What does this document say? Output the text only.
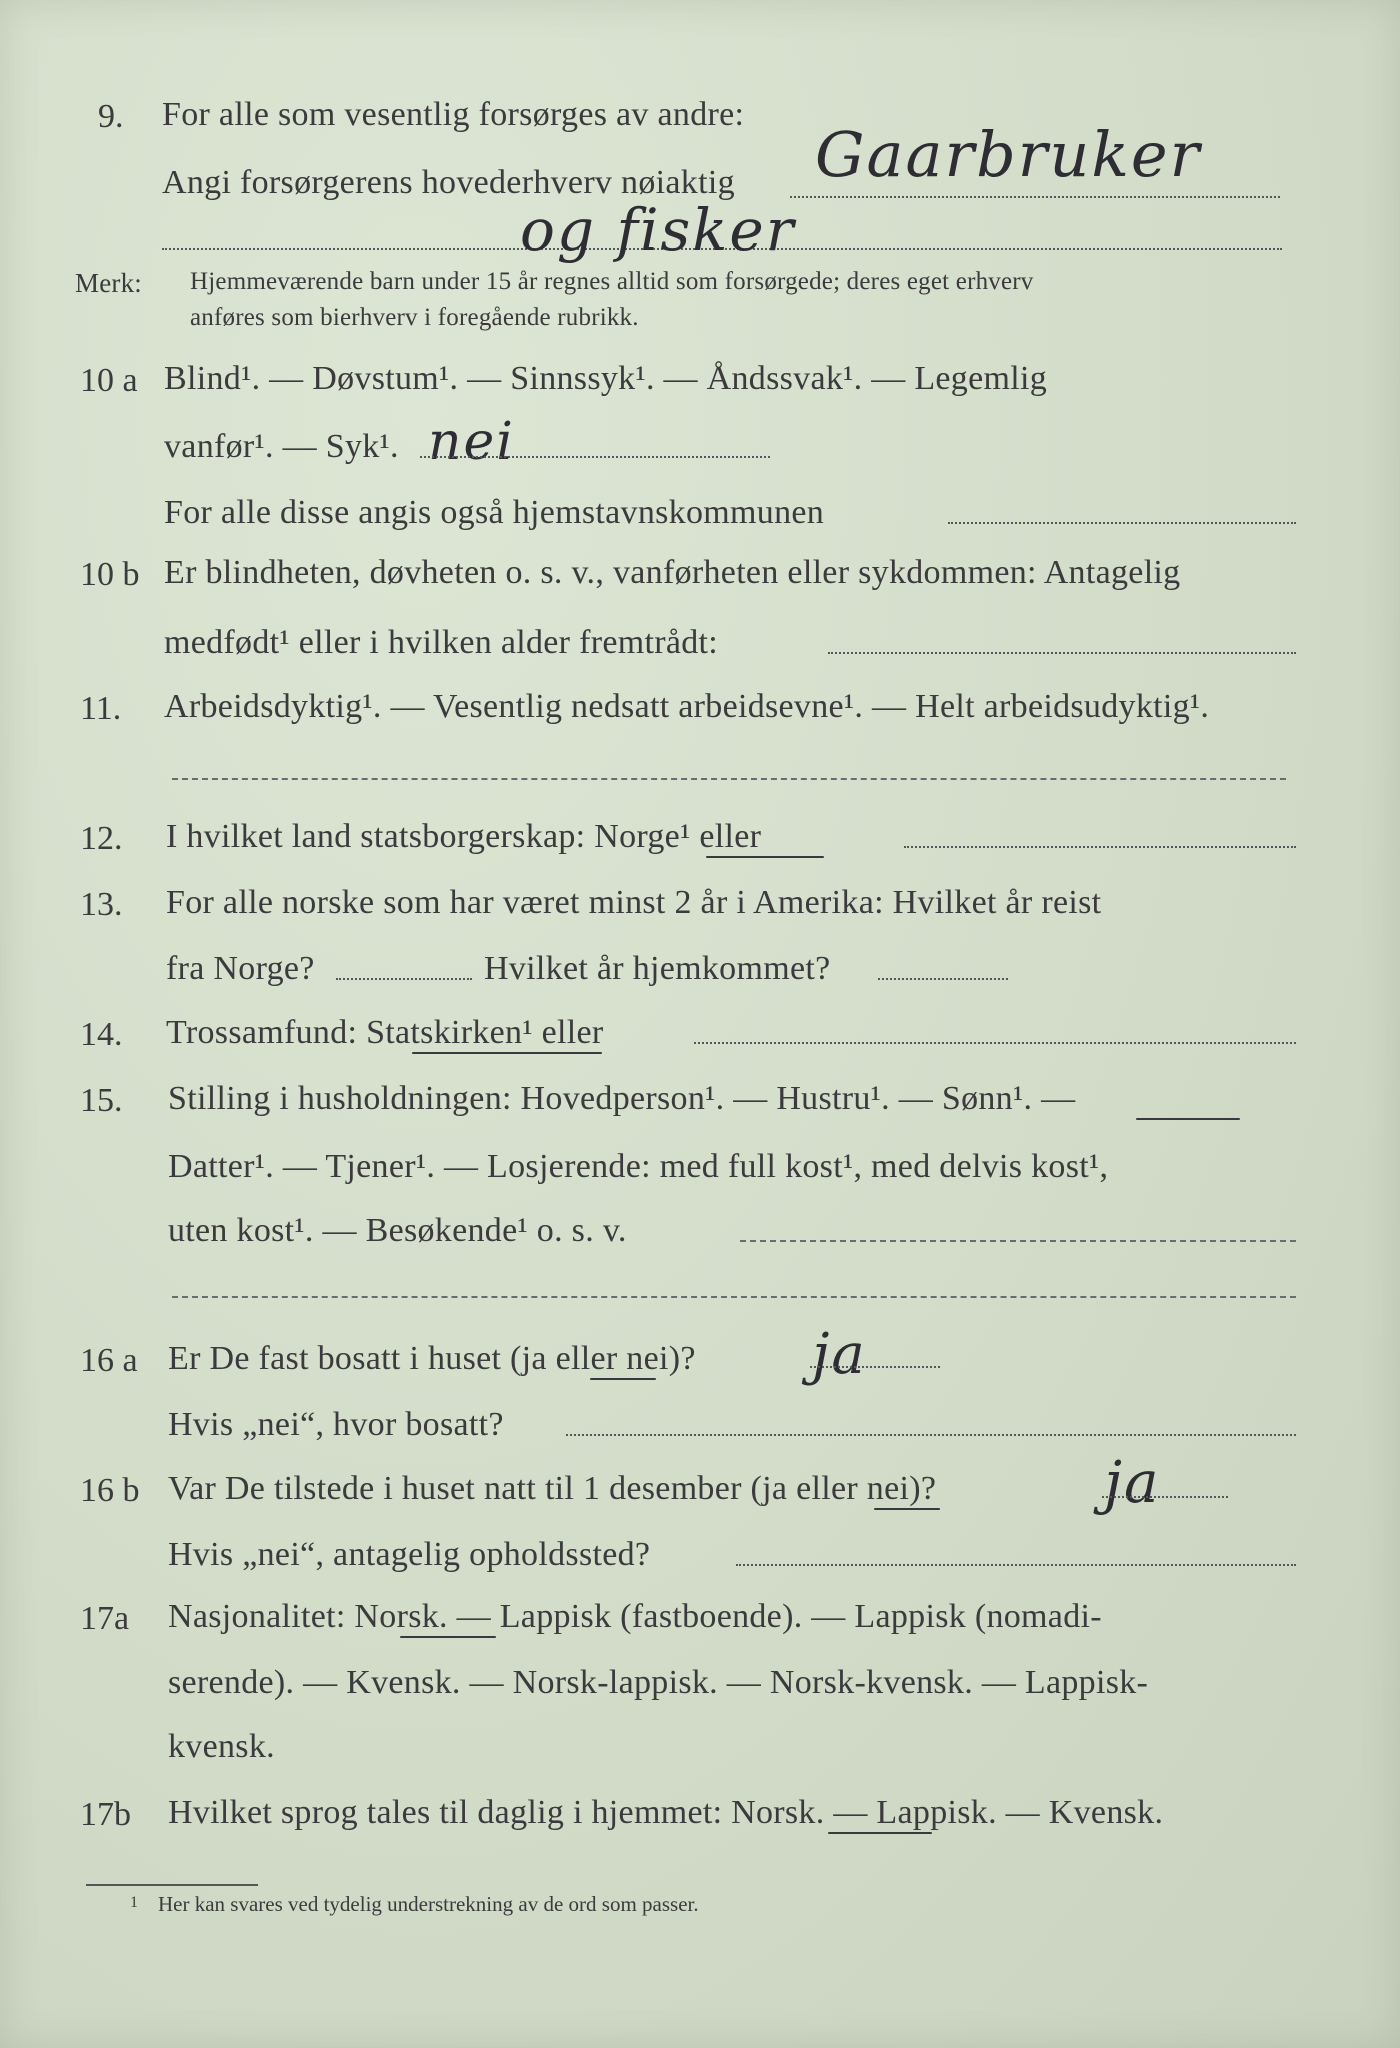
9. For alle som vesentlig forsørges av andre:
Angi forsørgerens hovederhverv nøiaktig Gaarbruker
og fisker
Merk: Hjemmeværende barn under 15 år regnes alltid som forsørgede; deres eget erhverv
anføres som bierhverv i foregående rubrikk.
10 a Blind¹. — Døvstum¹. — Sinnssyk¹. — Åndssvak¹. — Legemlig
vanfør¹. — Syk¹. nei
For alle disse angis også hjemstavnskommunen
10 b Er blindheten, døvheten o. s. v., vanførheten eller sykdommen: Antagelig
medfødt¹ eller i hvilken alder fremtrådt:
11. Arbeidsdyktig¹. — Vesentlig nedsatt arbeidsevne¹. — Helt arbeidsudyktig¹.
12. I hvilket land statsborgerskap: Norge¹ eller
13. For alle norske som har været minst 2 år i Amerika: Hvilket år reist
fra Norge?	Hvilket år hjemkommet?
14. Trossamfund: Statskirken¹ eller
15. Stilling i husholdningen: Hovedperson¹. — Hustru¹. — Sønn¹. —
Datter¹. — Tjener¹. — Losjerende: med full kost¹, med delvis kost¹,
uten kost¹. — Besøkende¹ o. s. v.
16 a Er De fast bosatt i huset (ja eller nei)? ja
Hvis „nei“, hvor bosatt?
16 b Var De tilstede i huset natt til 1 desember (ja eller nei)?	ja
Hvis „nei“, antagelig opholdssted?
17a Nasjonalitet: Norsk. — Lappisk (fastboende). — Lappisk (nomadi-
serende). — Kvensk. — Norsk-lappisk. — Norsk-kvensk. — Lappisk-
kvensk.
17b Hvilket sprog tales til daglig i hjemmet: Norsk. — Lappisk. — Kvensk.
1 Her kan svares ved tydelig understrekning av de ord som passer.
